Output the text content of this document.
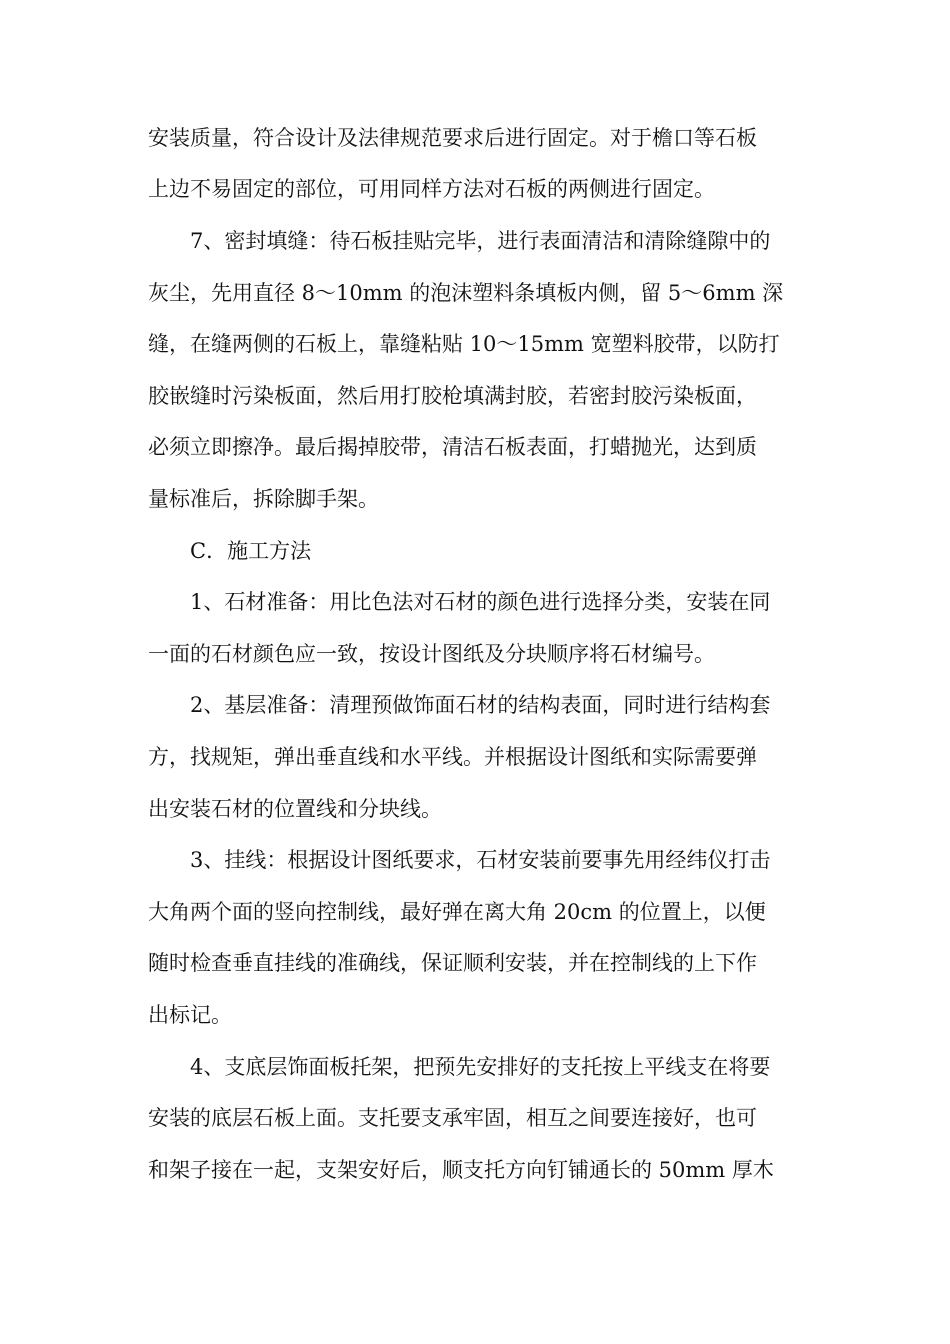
安装质量，符合设计及法律规范要求后进行固定。对于檐口等石板
上边不易固定的部位，可用同样方法对石板的两侧进行固定。
　　7、密封填缝：待石板挂贴完毕，进行表面清洁和清除缝隙中的
灰尘，先用直径 8～10mm 的泡沫塑料条填板内侧，留 5～6mm 深
缝，在缝两侧的石板上，靠缝粘贴 10～15mm 宽塑料胶带，以防打
胶嵌缝时污染板面，然后用打胶枪填满封胶，若密封胶污染板面，
必须立即擦净。最后揭掉胶带，清洁石板表面，打蜡抛光，达到质
量标准后，拆除脚手架。
　　C．施工方法
　　1、石材准备：用比色法对石材的颜色进行选择分类，安装在同
一面的石材颜色应一致，按设计图纸及分块顺序将石材编号。
　　2、基层准备：清理预做饰面石材的结构表面，同时进行结构套
方，找规矩，弹出垂直线和水平线。并根据设计图纸和实际需要弹
出安装石材的位置线和分块线。
　　3、挂线：根据设计图纸要求，石材安装前要事先用经纬仪打击
大角两个面的竖向控制线，最好弹在离大角 20cm 的位置上，以便
随时检查垂直挂线的准确线，保证顺利安装，并在控制线的上下作
出标记。
　　4、支底层饰面板托架，把预先安排好的支托按上平线支在将要
安装的底层石板上面。支托要支承牢固，相互之间要连接好，也可
和架子接在一起，支架安好后，顺支托方向钉铺通长的 50mm 厚木
